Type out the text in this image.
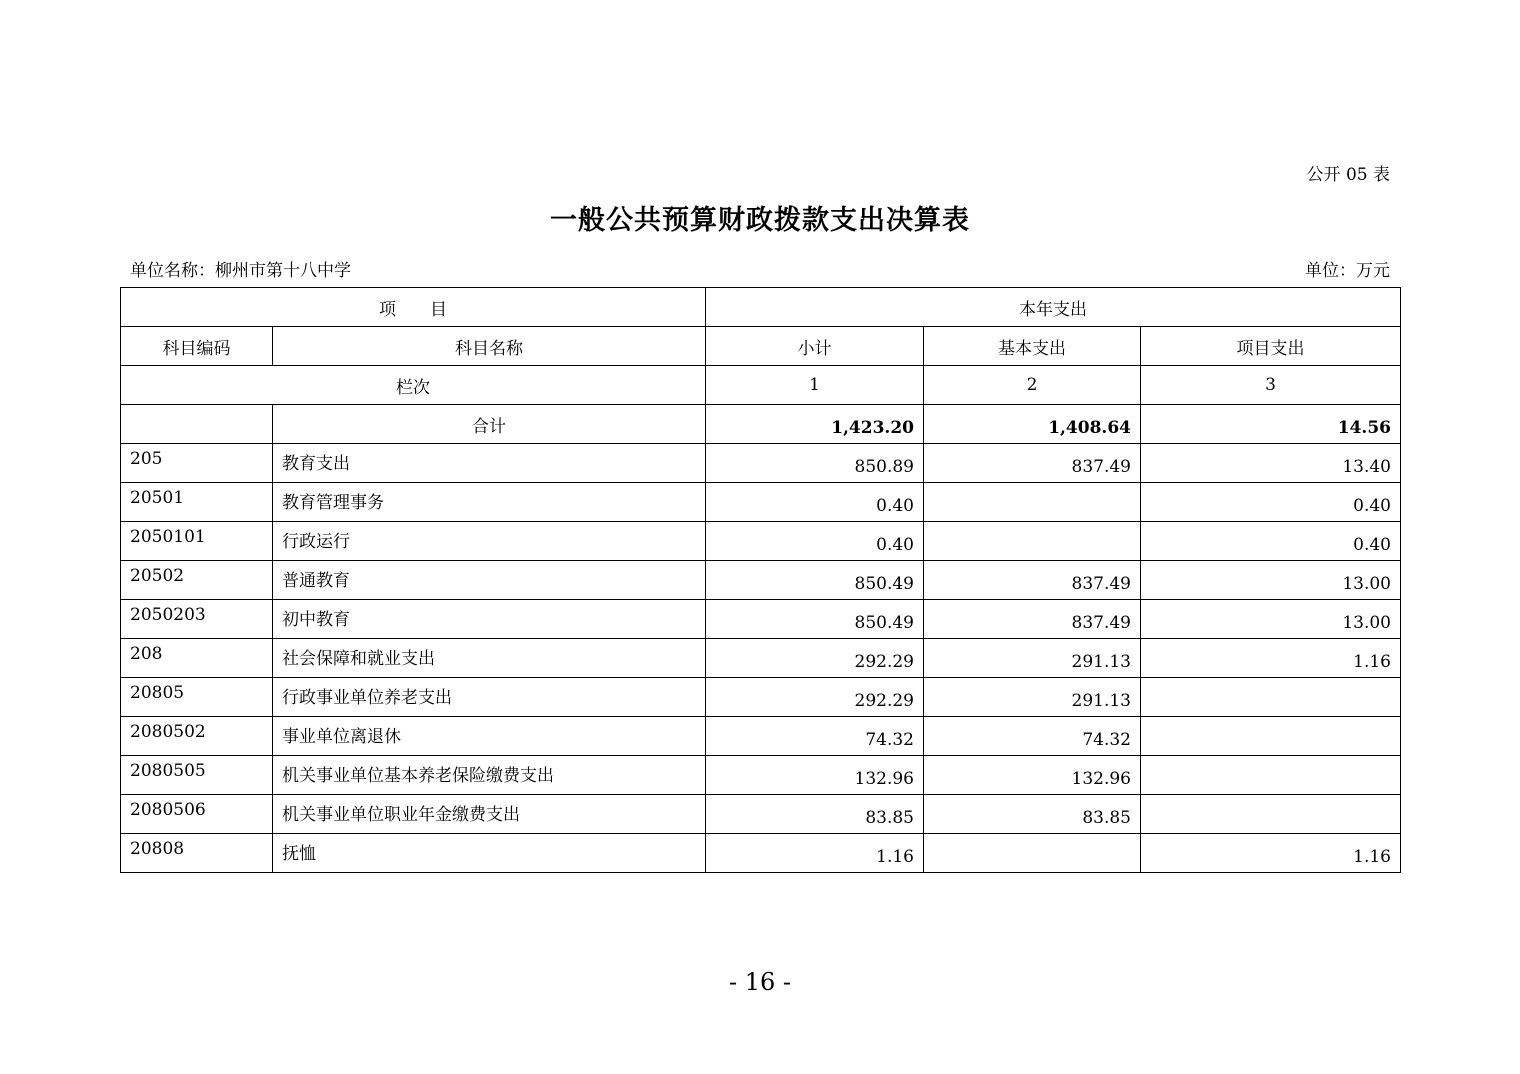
公开 05 表
一般公共预算财政拨款支出决算表
单位名称：柳州市第十八中学	单位：万元
项　　目		本年支出		
科目编码	科目名称	小计	基本支出	项目支出
栏次		1	2	3
	合计	1,423.20	1,408.64	14.56
205	教育支出	850.89	837.49	13.40
20501	教育管理事务	0.40		0.40
2050101	行政运行	0.40		0.40
20502	普通教育	850.49	837.49	13.00
2050203	初中教育	850.49	837.49	13.00
208	社会保障和就业支出	292.29	291.13	1.16
20805	行政事业单位养老支出	292.29	291.13	
2080502	事业单位离退休	74.32	74.32	
2080505	机关事业单位基本养老保险缴费支出	132.96	132.96	
2080506	机关事业单位职业年金缴费支出	83.85	83.85	
20808	抚恤	1.16		1.16
- 16 -
